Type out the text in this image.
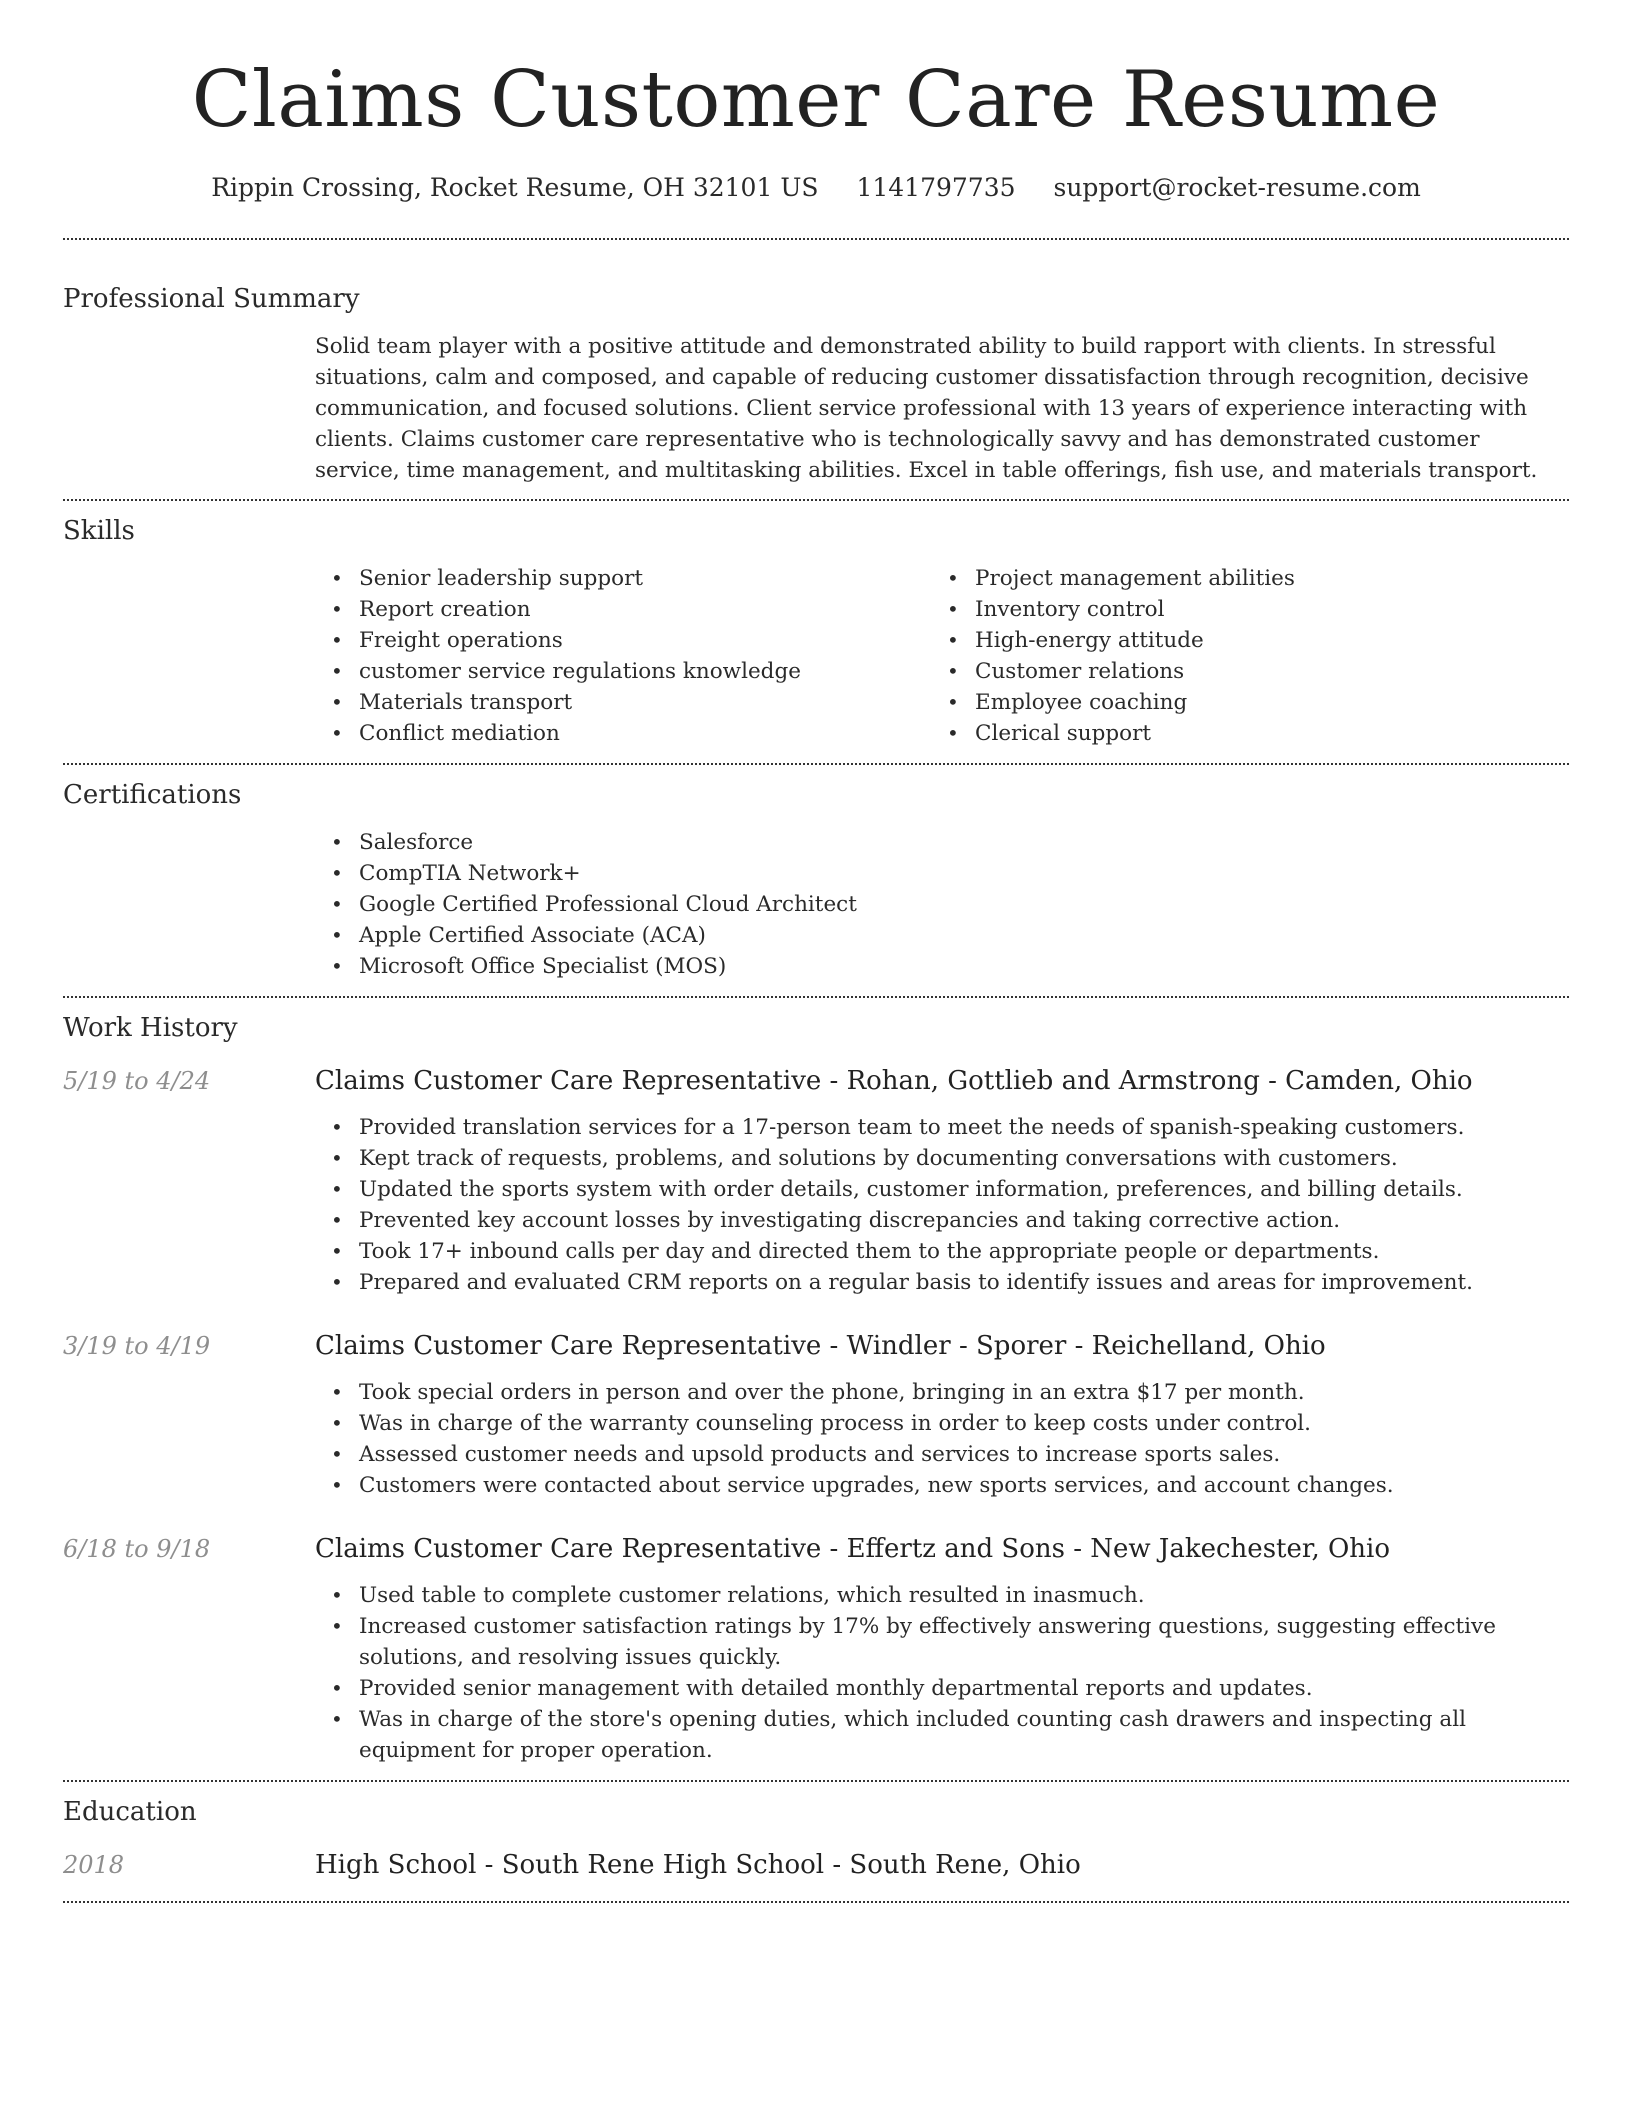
Claims Customer Care Resume
Rippin Crossing, Rocket Resume, OH 32101 US 1141797735 support@rocket-resume.com
Professional Summary

Solid team player with a positive attitude and demonstrated ability to build rapport with clients. In stressful situations, calm and composed, and capable of reducing customer dissatisfaction through recognition, decisive communication, and focused solutions. Client service professional with 13 years of experience interacting with clients. Claims customer care representative who is technologically savvy and has demonstrated customer service, time management, and multitasking abilities. Excel in table offerings, fish use, and materials transport.

Skills
• Senior leadership support
• Report creation
• Freight operations
• customer service regulations knowledge
• Materials transport
• Conflict mediation
• Project management abilities
• Inventory control
• High-energy attitude
• Customer relations
• Employee coaching
• Clerical support
Certifications
• Salesforce
• CompTIA Network+
• Google Certified Professional Cloud Architect
• Apple Certified Associate (ACA)
• Microsoft Office Specialist (MOS)
Work History
5/19 to 4/24	Claims Customer Care Representative - Rohan, Gottlieb and Armstrong - Camden, Ohio
• Provided translation services for a 17-person team to meet the needs of spanish-speaking customers.
• Kept track of requests, problems, and solutions by documenting conversations with customers.
• Updated the sports system with order details, customer information, preferences, and billing details.
• Prevented key account losses by investigating discrepancies and taking corrective action.
• Took 17+ inbound calls per day and directed them to the appropriate people or departments.
• Prepared and evaluated CRM reports on a regular basis to identify issues and areas for improvement.
3/19 to 4/19	Claims Customer Care Representative - Windler - Sporer - Reichelland, Ohio
• Took special orders in person and over the phone, bringing in an extra $17 per month.
• Was in charge of the warranty counseling process in order to keep costs under control.
• Assessed customer needs and upsold products and services to increase sports sales.
• Customers were contacted about service upgrades, new sports services, and account changes.
6/18 to 9/18	Claims Customer Care Representative - Effertz and Sons - New Jakechester, Ohio
• Used table to complete customer relations, which resulted in inasmuch.
• Increased customer satisfaction ratings by 17% by effectively answering questions, suggesting effective solutions, and resolving issues quickly.
• Provided senior management with detailed monthly departmental reports and updates.
• Was in charge of the store's opening duties, which included counting cash drawers and inspecting all equipment for proper operation.
Education
2018	High School - South Rene High School - South Rene, Ohio
